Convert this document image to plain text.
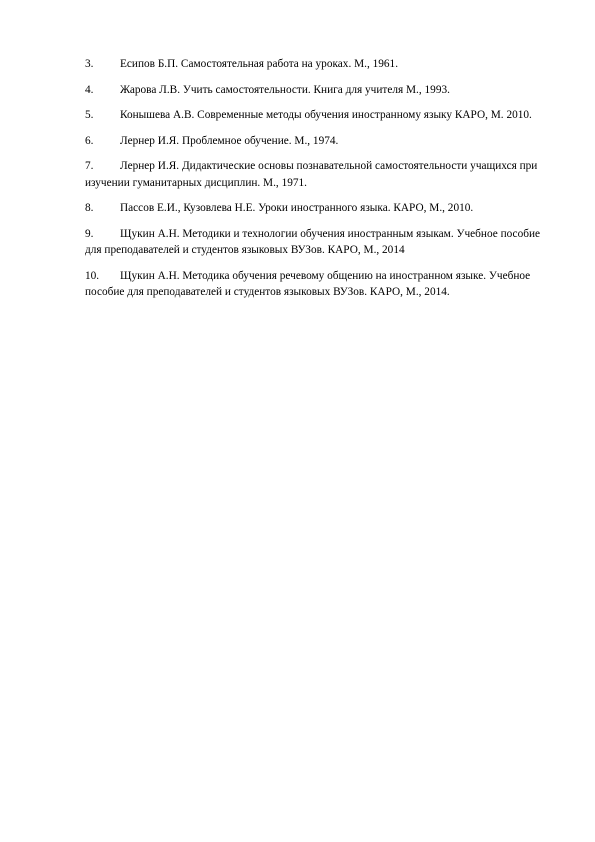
3. Есипов Б.П. Самостоятельная работа на уроках. М., 1961.

4. Жарова Л.В. Учить самостоятельности. Книга для учителя М., 1993.

5. Конышева А.В. Современные методы обучения иностранному языку КАРО, М. 2010.

6. Лернер И.Я. Проблемное обучение. М., 1974.

7. Лернер И.Я. Дидактические основы познавательной самостоятельности учащихся при изучении гуманитарных дисциплин. М., 1971.

8. Пассов Е.И., Кузовлева Н.Е. Уроки иностранного языка. КАРО, М., 2010.

9. Щукин А.Н. Методики и технологии обучения иностранным языкам. Учебное пособие для преподавателей и студентов языковых ВУЗов. КАРО, М., 2014

10. Щукин А.Н. Методика обучения речевому общению на иностранном языке. Учебное пособие для преподавателей и студентов языковых ВУЗов. КАРО, М., 2014.
